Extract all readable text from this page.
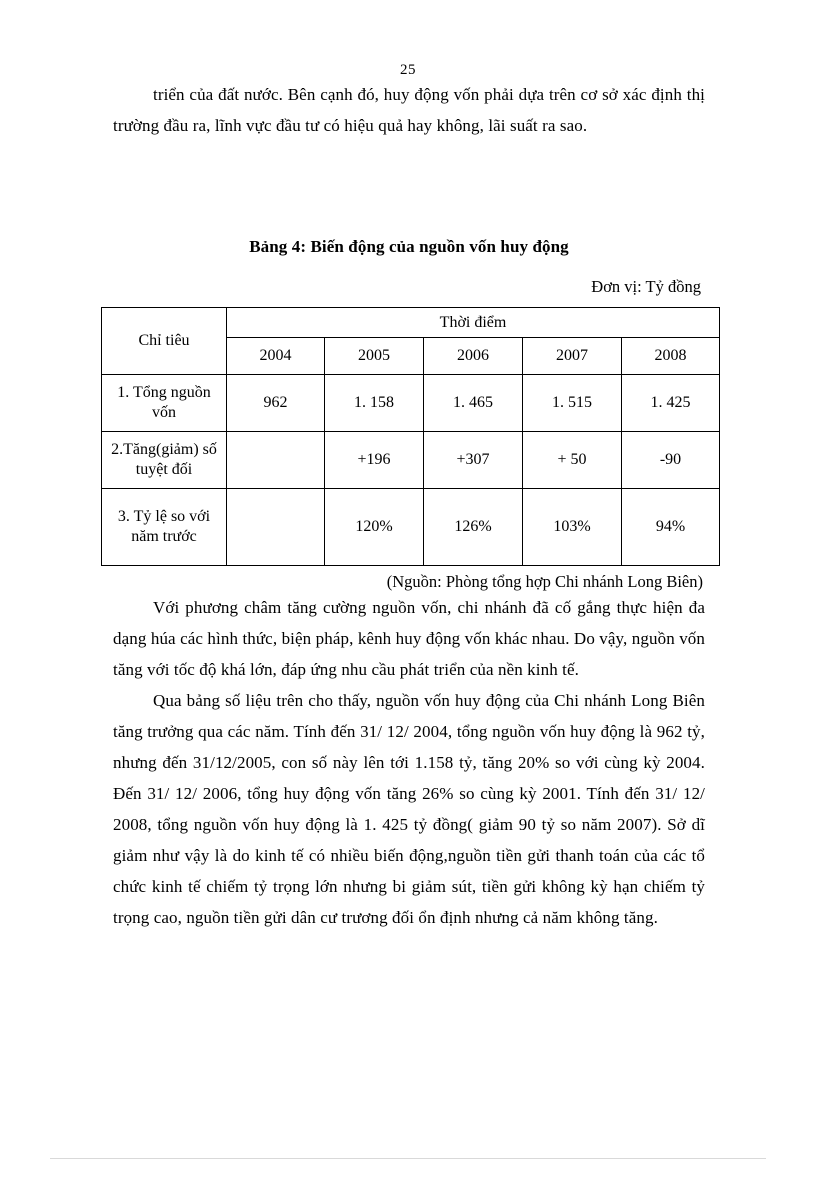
25

triển của đất nước. Bên cạnh đó, huy động vốn phải dựa trên cơ sở xác định thị trường đầu ra, lĩnh vực đầu tư có hiệu quả hay không, lãi suất ra sao.

Bảng 4: Biến động của nguồn vốn huy động
Đơn vị: Tỷ đồng
Chỉ tiêu	Thời điểm				
	2004	2005	2006	2007	2008
1. Tổng nguồn vốn	962	1. 158	1. 465	1. 515	1. 425
2.Tăng(giảm) số tuyệt đối		+196	+307	+ 50	-90
3. Tỷ lệ so với năm trước		120%	126%	103%	94%
(Nguồn: Phòng tổng hợp Chi nhánh Long Biên)

Với phương châm tăng cường nguồn vốn, chi nhánh đã cố gắng thực hiện đa dạng húa các hình thức, biện pháp, kênh huy động vốn khác nhau. Do vậy, nguồn vốn tăng với tốc độ khá lớn, đáp ứng nhu cầu phát triển của nền kinh tế.

Qua bảng số liệu trên cho thấy, nguồn vốn huy động của Chi nhánh Long Biên tăng trưởng qua các năm. Tính đến 31/ 12/ 2004, tổng nguồn vốn huy động là 962 tỷ, nhưng đến 31/12/2005, con số này lên tới 1.158 tỷ, tăng 20% so với cùng kỳ 2004. Đến 31/ 12/ 2006, tổng huy động vốn tăng 26% so cùng kỳ 2001. Tính đến 31/ 12/ 2008, tổng nguồn vốn huy động là 1. 425 tỷ đồng( giảm 90 tỷ so năm 2007). Sở dĩ giảm như vậy là do kinh tế có nhiều biến động,nguồn tiền gửi thanh toán của các tổ chức kinh tế chiếm tỷ trọng lớn nhưng bi giảm sút, tiền gửi không kỳ hạn chiếm tỷ trọng cao, nguồn tiền gửi dân cư trương đối ổn định nhưng cả năm không tăng.
